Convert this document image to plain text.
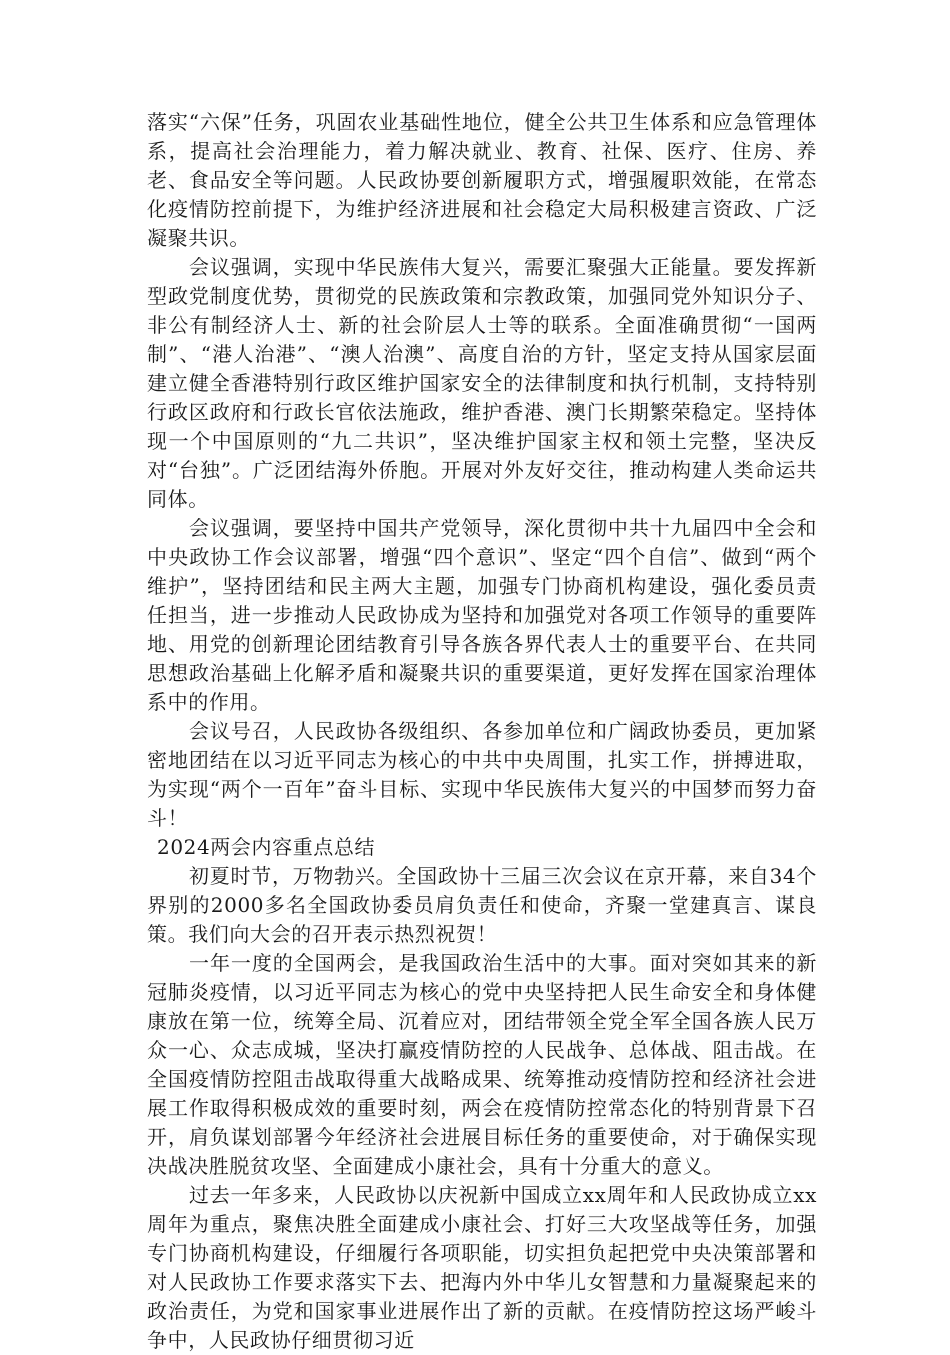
落实“六保”任务，巩固农业基础性地位，健全公共卫生体系和应急管理体系，提高社会治理能力，着力解决就业、教育、社保、医疗、住房、养老、食品安全等问题。人民政协要创新履职方式，增强履职效能，在常态化疫情防控前提下，为维护经济进展和社会稳定大局积极建言资政、广泛凝聚共识。

会议强调，实现中华民族伟大复兴，需要汇聚强大正能量。要发挥新型政党制度优势，贯彻党的民族政策和宗教政策，加强同党外知识分子、非公有制经济人士、新的社会阶层人士等的联系。全面准确贯彻“一国两制”、“港人治港”、“澳人治澳”、高度自治的方针，坚定支持从国家层面建立健全香港特别行政区维护国家安全的法律制度和执行机制，支持特别行政区政府和行政长官依法施政，维护香港、澳门长期繁荣稳定。坚持体现一个中国原则的“九二共识”，坚决维护国家主权和领土完整，坚决反对“台独”。广泛团结海外侨胞。开展对外友好交往，推动构建人类命运共同体。

会议强调，要坚持中国共产党领导，深化贯彻中共十九届四中全会和中央政协工作会议部署，增强“四个意识”、坚定“四个自信”、做到“两个维护”，坚持团结和民主两大主题，加强专门协商机构建设，强化委员责任担当，进一步推动人民政协成为坚持和加强党对各项工作领导的重要阵地、用党的创新理论团结教育引导各族各界代表人士的重要平台、在共同思想政治基础上化解矛盾和凝聚共识的重要渠道，更好发挥在国家治理体系中的作用。

会议号召，人民政协各级组织、各参加单位和广阔政协委员，更加紧密地团结在以习近平同志为核心的中共中央周围，扎实工作，拼搏进取，为实现“两个一百年”奋斗目标、实现中华民族伟大复兴的中国梦而努力奋斗！

2024两会内容重点总结

初夏时节，万物勃兴。全国政协十三届三次会议在京开幕，来自34个界别的2000多名全国政协委员肩负责任和使命，齐聚一堂建真言、谋良策。我们向大会的召开表示热烈祝贺！

一年一度的全国两会，是我国政治生活中的大事。面对突如其来的新冠肺炎疫情，以习近平同志为核心的党中央坚持把人民生命安全和身体健康放在第一位，统筹全局、沉着应对，团结带领全党全军全国各族人民万众一心、众志成城，坚决打赢疫情防控的人民战争、总体战、阻击战。在全国疫情防控阻击战取得重大战略成果、统筹推动疫情防控和经济社会进展工作取得积极成效的重要时刻，两会在疫情防控常态化的特别背景下召开，肩负谋划部署今年经济社会进展目标任务的重要使命，对于确保实现决战决胜脱贫攻坚、全面建成小康社会，具有十分重大的意义。

过去一年多来，人民政协以庆祝新中国成立xx周年和人民政协成立xx周年为重点，聚焦决胜全面建成小康社会、打好三大攻坚战等任务，加强专门协商机构建设，仔细履行各项职能，切实担负起把党中央决策部署和对人民政协工作要求落实下去、把海内外中华儿女智慧和力量凝聚起来的政治责任，为党和国家事业进展作出了新的贡献。在疫情防控这场严峻斗争中，人民政协仔细贯彻习近
